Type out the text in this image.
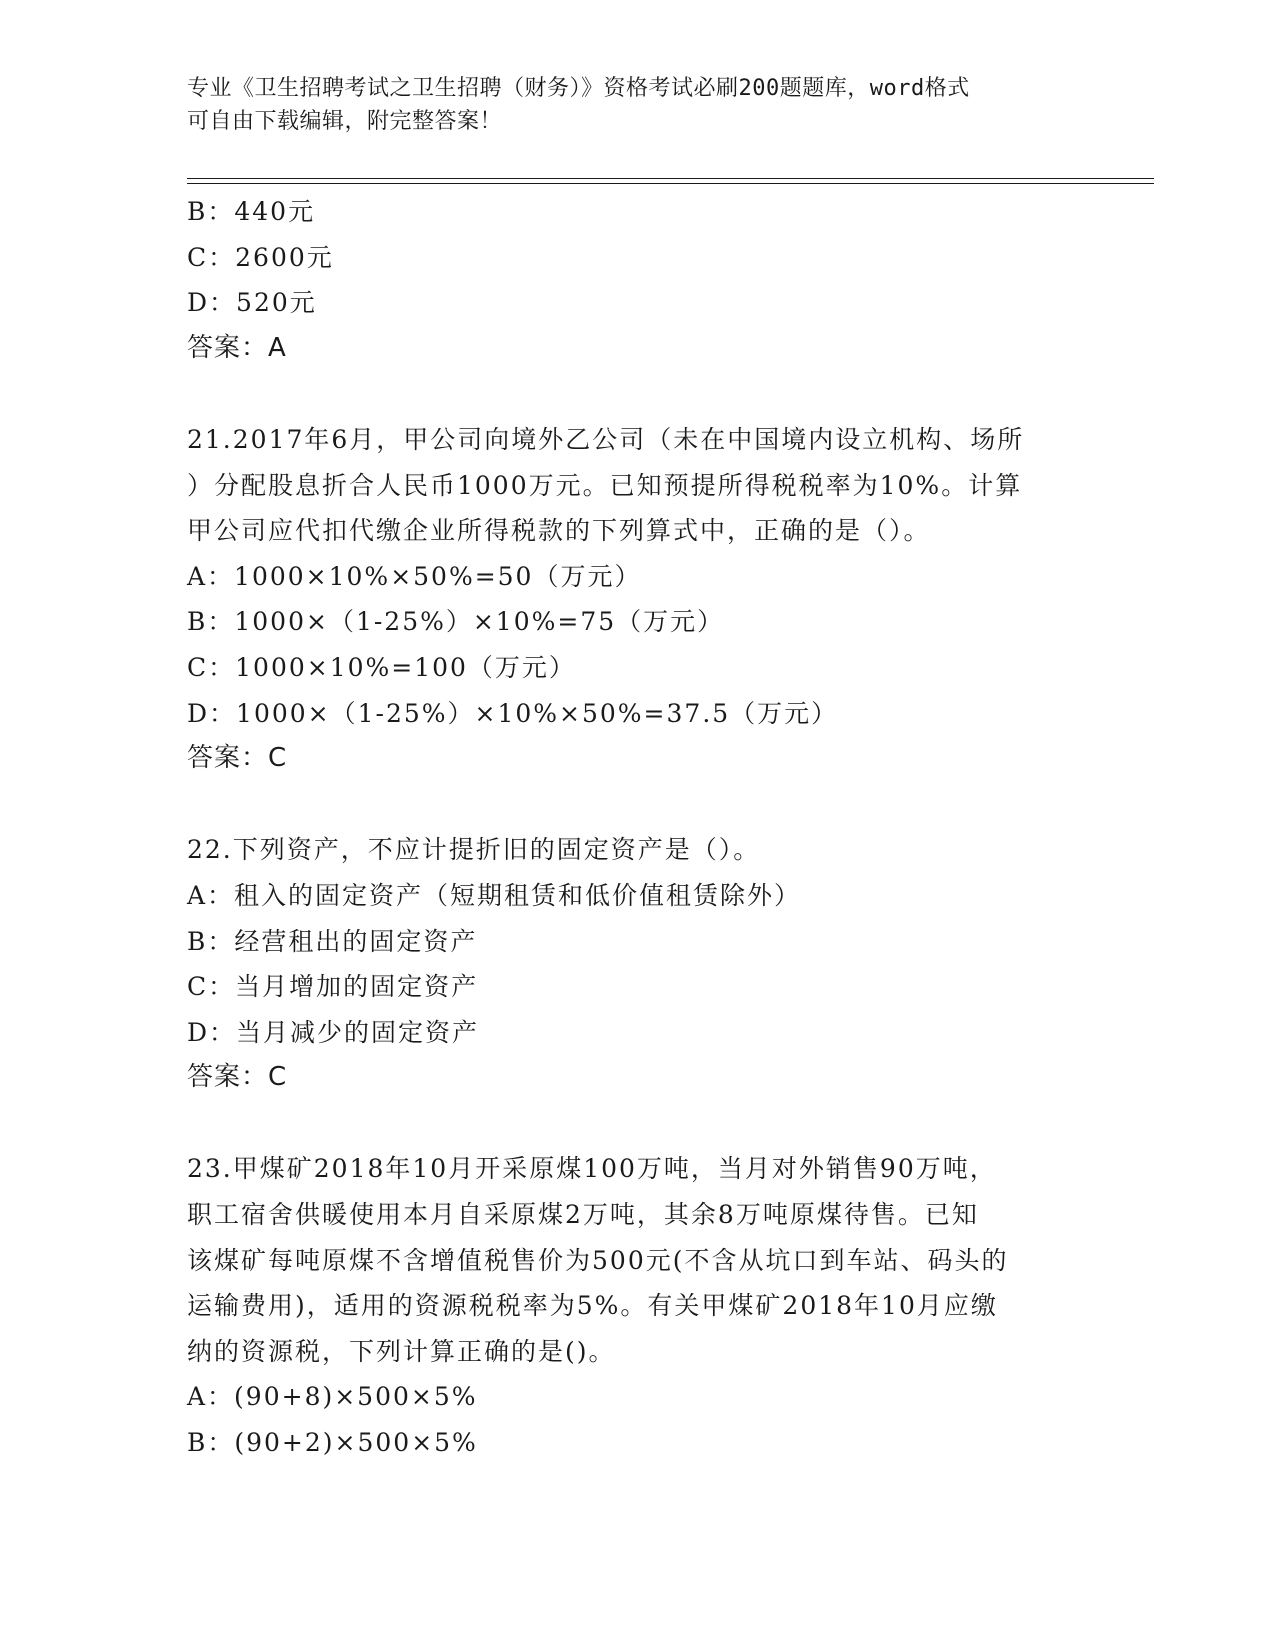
专业《卫生招聘考试之卫生招聘（财务）》资格考试必刷200题题库，word格式
可自由下载编辑，附完整答案！
B：440元
C：2600元
D：520元
答案：A
21.2017年6月，甲公司向境外乙公司（未在中国境内设立机构、场所
）分配股息折合人民币1000万元。已知预提所得税税率为10%。计算
甲公司应代扣代缴企业所得税款的下列算式中，正确的是（）。
A：1000×10%×50%=50（万元）
B：1000×（1-25%）×10%=75（万元）
C：1000×10%=100（万元）
D：1000×（1-25%）×10%×50%=37.5（万元）
答案：C
22.下列资产，不应计提折旧的固定资产是（）。
A：租入的固定资产（短期租赁和低价值租赁除外）
B：经营租出的固定资产
C：当月增加的固定资产
D：当月减少的固定资产
答案：C
23.甲煤矿2018年10月开采原煤100万吨，当月对外销售90万吨，
职工宿舍供暖使用本月自采原煤2万吨，其余8万吨原煤待售。已知
该煤矿每吨原煤不含增值税售价为500元(不含从坑口到车站、码头的
运输费用)，适用的资源税税率为5%。有关甲煤矿2018年10月应缴
纳的资源税，下列计算正确的是()。
A：(90+8)×500×5%
B：(90+2)×500×5%
